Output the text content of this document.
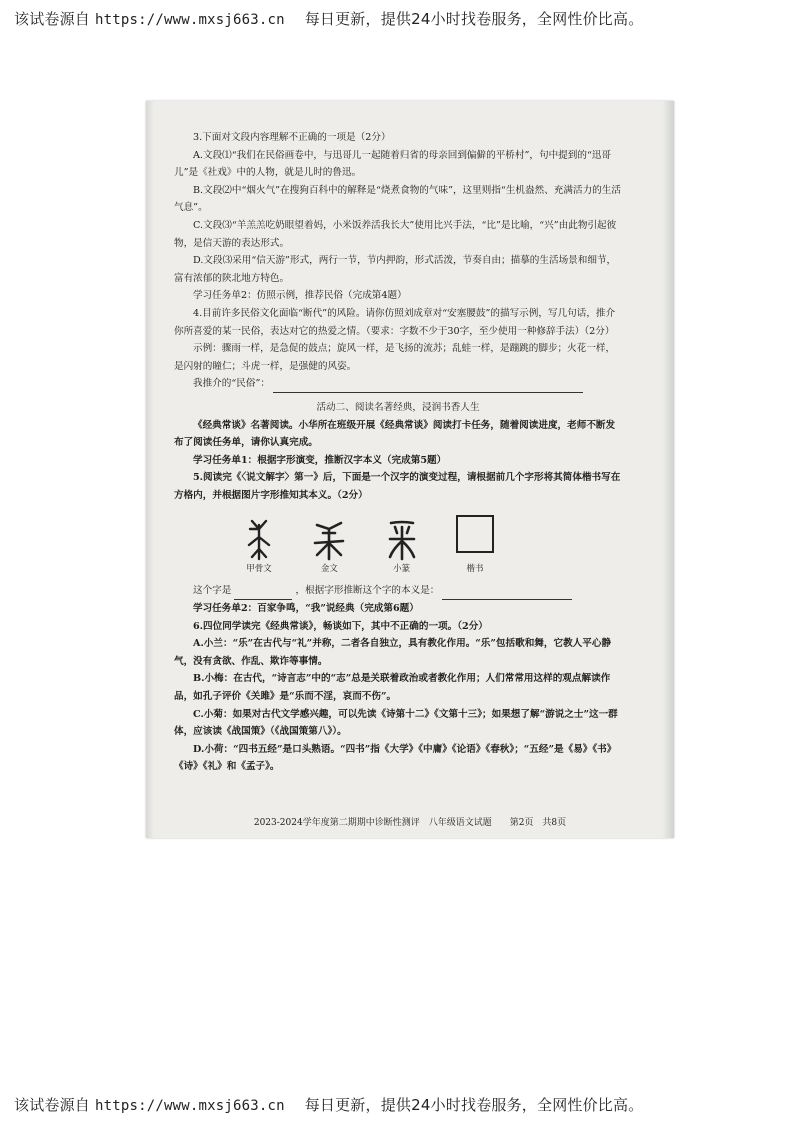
该试卷源自 https://www.mxsj663.cn 每日更新，提供24小时找卷服务，全网性价比高。

3.下面对文段内容理解不正确的一项是（2分）

A.文段⑴“我们在民俗画卷中，与迅哥儿一起随着归省的母亲回到偏僻的平桥村”，句中提到的“迅哥儿”是《社戏》中的人物，就是儿时的鲁迅。

B.文段⑵中“烟火气”在搜狗百科中的解释是“烧煮食物的气味”，这里则指“生机盎然、充满活力的生活气息”。

C.文段⑶“羊羔羔吃奶眼望着妈，小米饭养活我长大”使用比兴手法，“比”是比喻，“兴”由此物引起彼物，是信天游的表达形式。

D.文段⑶采用“信天游”形式，两行一节，节内押韵，形式活泼，节奏自由；描摹的生活场景和细节，富有浓郁的陕北地方特色。

学习任务单2：仿照示例，推荐民俗（完成第4题）

4.目前许多民俗文化面临“断代”的风险。请你仿照刘成章对“安塞腰鼓”的描写示例，写几句话，推介你所喜爱的某一民俗，表达对它的热爱之情。（要求：字数不少于30字，至少使用一种修辞手法）（2分）

示例：骤雨一样，是急促的鼓点；旋风一样，是飞扬的流苏；乱蛙一样，是蹦跳的脚步；火花一样，是闪射的瞳仁；斗虎一样，是强健的风姿。

我推介的“民俗”：

活动二、阅读名著经典，浸润书香人生

《经典常谈》名著阅读。小华所在班级开展《经典常谈》阅读打卡任务，随着阅读进度，老师不断发布了阅读任务单，请你认真完成。

学习任务单1：根据字形演变，推断汉字本义（完成第5题）

5.阅读完《〈说文解字〉第一》后，下面是一个汉字的演变过程，请根据前几个字形将其简体楷书写在方格内，并根据图片字形推知其本义。（2分）

甲骨文	金文	小篆	楷书

这个字是	，根据字形推断这个字的本义是：

学习任务单2：百家争鸣，“我”说经典（完成第6题）

6.四位同学读完《经典常谈》，畅谈如下，其中不正确的一项。（2分）

A.小兰：“乐”在古代与“礼”并称，二者各自独立，具有教化作用。“乐”包括歌和舞，它教人平心静气，没有贪欲、作乱、欺诈等事情。

B.小梅：在古代，“诗言志”中的“志”总是关联着政治或者教化作用；人们常常用这样的观点解读作品，如孔子评价《关雎》是“乐而不淫，哀而不伤”。

C.小菊：如果对古代文学感兴趣，可以先读《诗第十二》《文第十三》；如果想了解“游说之士”这一群体，应该读《战国策》（《战国策第八》）。

D.小荷：“四书五经”是口头熟语。“四书”指《大学》《中庸》《论语》《春秋》；“五经”是《易》《书》《诗》《礼》和《孟子》。

2023-2024学年度第二期期中诊断性测评　八年级语文试题　　第2页　共8页
该试卷源自 https://www.mxsj663.cn 每日更新，提供24小时找卷服务，全网性价比高。
